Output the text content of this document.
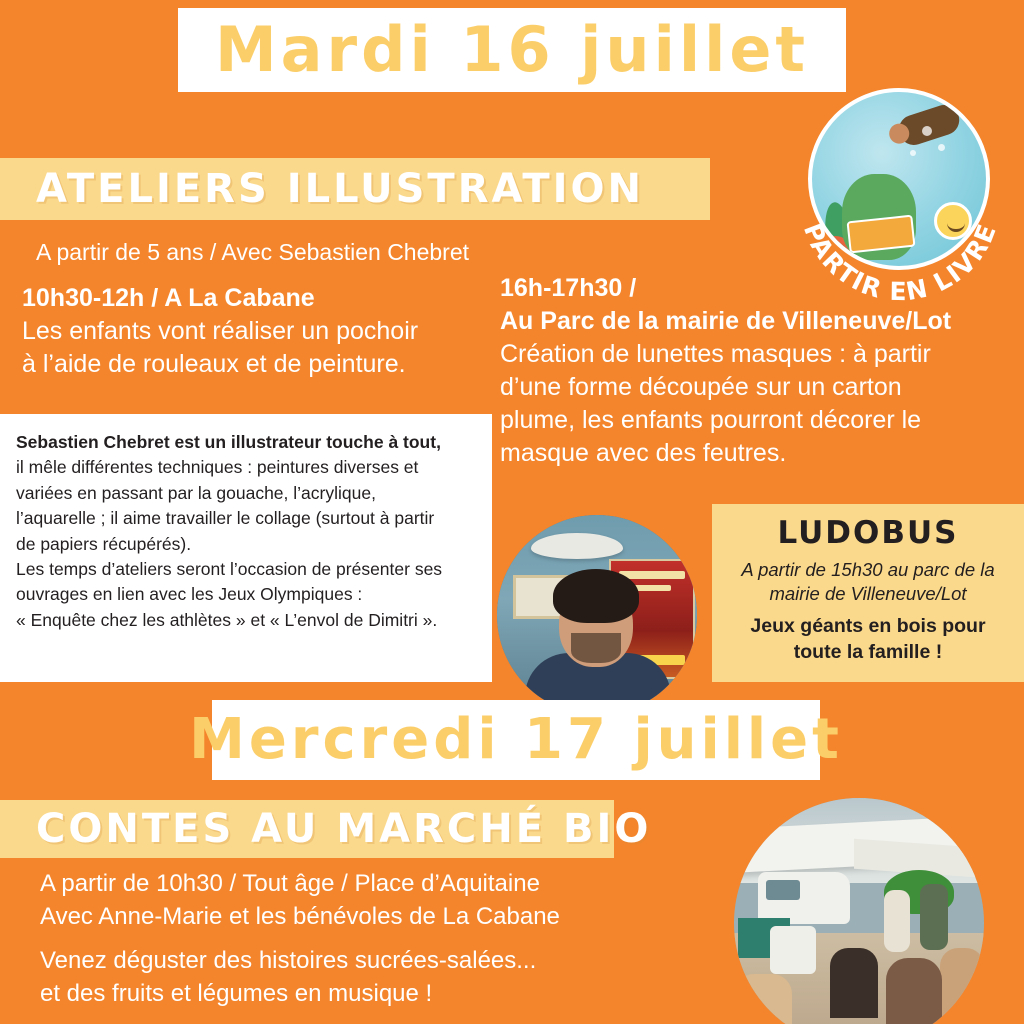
Mardi 16 juillet
PARTIR EN LIVRE
ATELIERS ILLUSTRATION
A partir de 5 ans / Avec Sebastien Chebret

10h30-12h / A La Cabane

Les enfants vont réaliser un pochoir

à l’aide de rouleaux et de peinture.

16h-17h30 /

Au Parc de la mairie de Villeneuve/Lot

Création de lunettes masques : à partir

d’une forme découpée sur un carton

plume, les enfants pourront décorer le

masque avec des feutres.

Sebastien Chebret est un illustrateur touche à tout,

il mêle différentes techniques : peintures diverses et

variées en passant par la gouache, l’acrylique,

l’aquarelle ; il aime travailler le collage (surtout à partir

de papiers récupérés).

Les temps d’ateliers seront l’occasion de présenter ses

ouvrages en lien avec les Jeux Olympiques :

« Enquête chez les athlètes » et « L’envol de Dimitri ».

LUDOBUS
A partir de 15h30 au parc de la
mairie de Villeneuve/Lot
Jeux géants en bois pour
toute la famille !
Mercredi 17 juillet
CONTES AU MARCHÉ BIO

A partir de 10h30 / Tout âge / Place d’Aquitaine

Avec Anne-Marie et les bénévoles de La Cabane

Venez déguster des histoires sucrées-salées...

et des fruits et légumes en musique !
